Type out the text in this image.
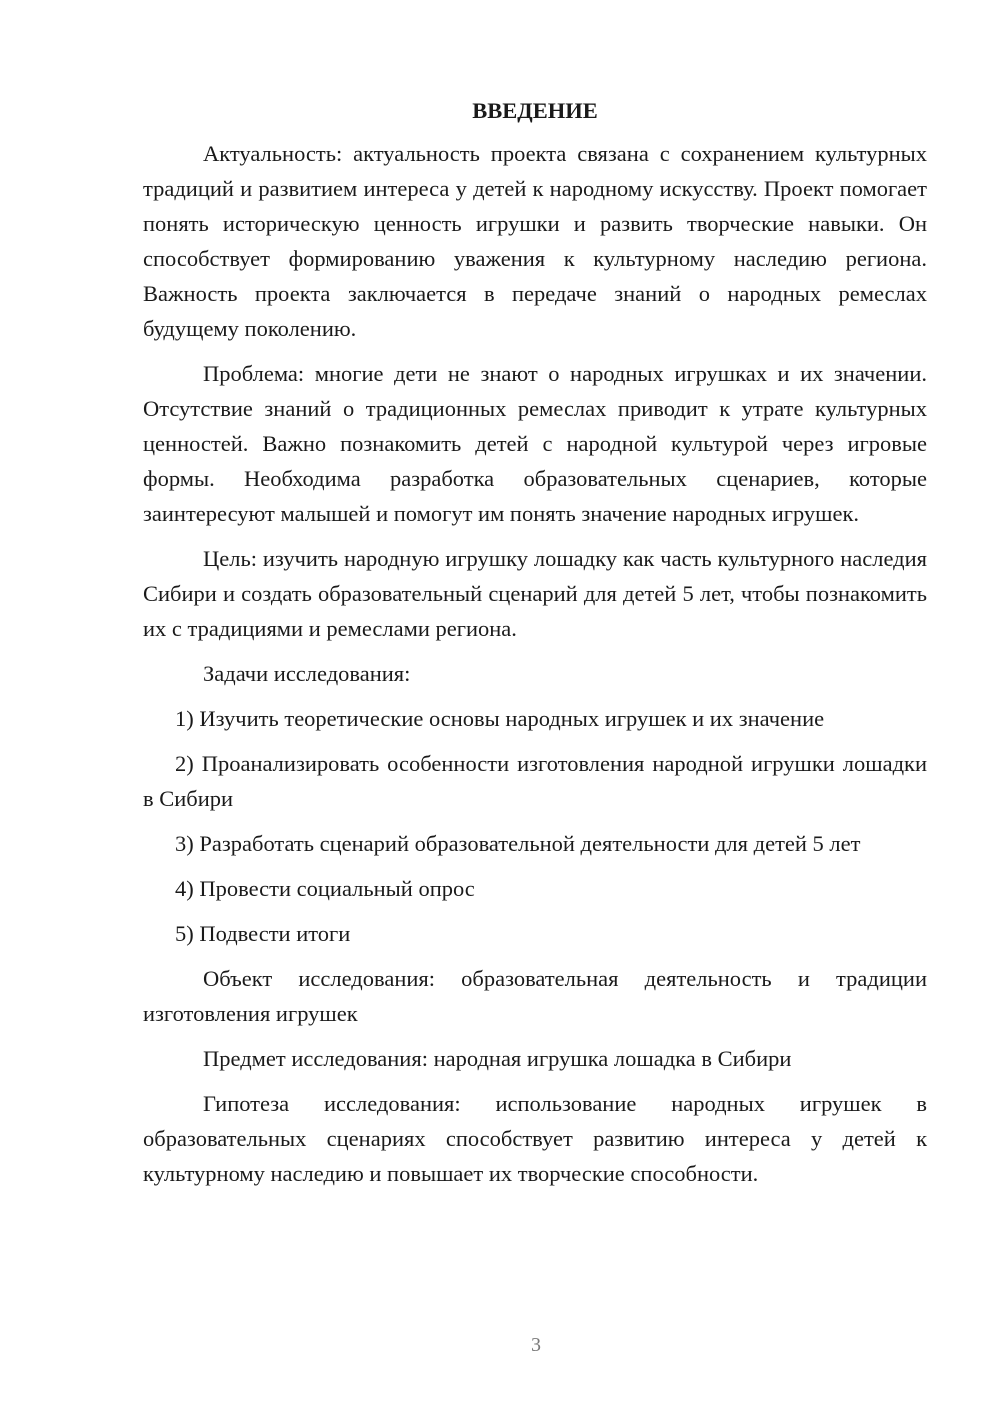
ВВЕДЕНИЕ

Актуальность: актуальность проекта связана с сохранением культурных традиций и развитием интереса у детей к народному искусству. Проект помогает понять историческую ценность игрушки и развить творческие навыки. Он способствует формированию уважения к культурному наследию региона. Важность проекта заключается в передаче знаний о народных ремеслах будущему поколению.

Проблема: многие дети не знают о народных игрушках и их значении. Отсутствие знаний о традиционных ремеслах приводит к утрате культурных ценностей. Важно познакомить детей с народной культурой через игровые формы. Необходима разработка образовательных сценариев, которые заинтересуют малышей и помогут им понять значение народных игрушек.

Цель: изучить народную игрушку лошадку как часть культурного наследия Сибири и создать образовательный сценарий для детей 5 лет, чтобы познакомить их с традициями и ремеслами региона.

Задачи исследования:

1) Изучить теоретические основы народных игрушек и их значение

2) Проанализировать особенности изготовления народной игрушки лошадки в Сибири

3) Разработать сценарий образовательной деятельности для детей 5 лет

4) Провести социальный опрос

5) Подвести итоги

Объект исследования: образовательная деятельность и традиции изготовления игрушек

Предмет исследования: народная игрушка лошадка в Сибири

Гипотеза исследования: использование народных игрушек в образовательных сценариях способствует развитию интереса у детей к культурному наследию и повышает их творческие способности.

3
